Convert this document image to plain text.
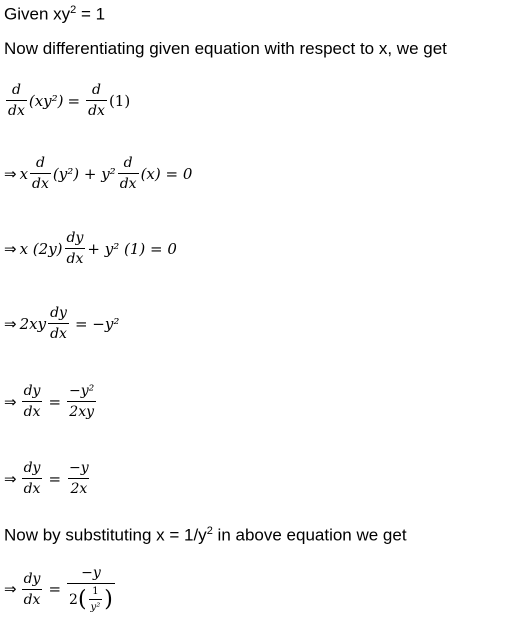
Given $xy^2 = 1$
Now differentiating given equation with respect to x, we get
$\frac{d}{dx} (xy^2) = \frac{d}{dx} (1)$
⇒ x $\frac{d}{dx} (y^2) + y^2 \frac{d}{dx} (x) = 0$
⇒ x $(2y) \frac{dy}{dx} + y^2$ (1) = 0
⇒ $2xy \frac{dy}{dx} = -y^2$
⇒ $\frac{dy}{dx} = \frac{\text{−y²}}{2xy}$
⇒ $\frac{dy}{dx} = \frac{-y}{2x}$
Now by substituting $x = 1/y^2$ in above equation we get
⇒ $\frac{dy}{dx} = \frac{-y}{2 ( \frac{1}{\text{y²}} )}$
